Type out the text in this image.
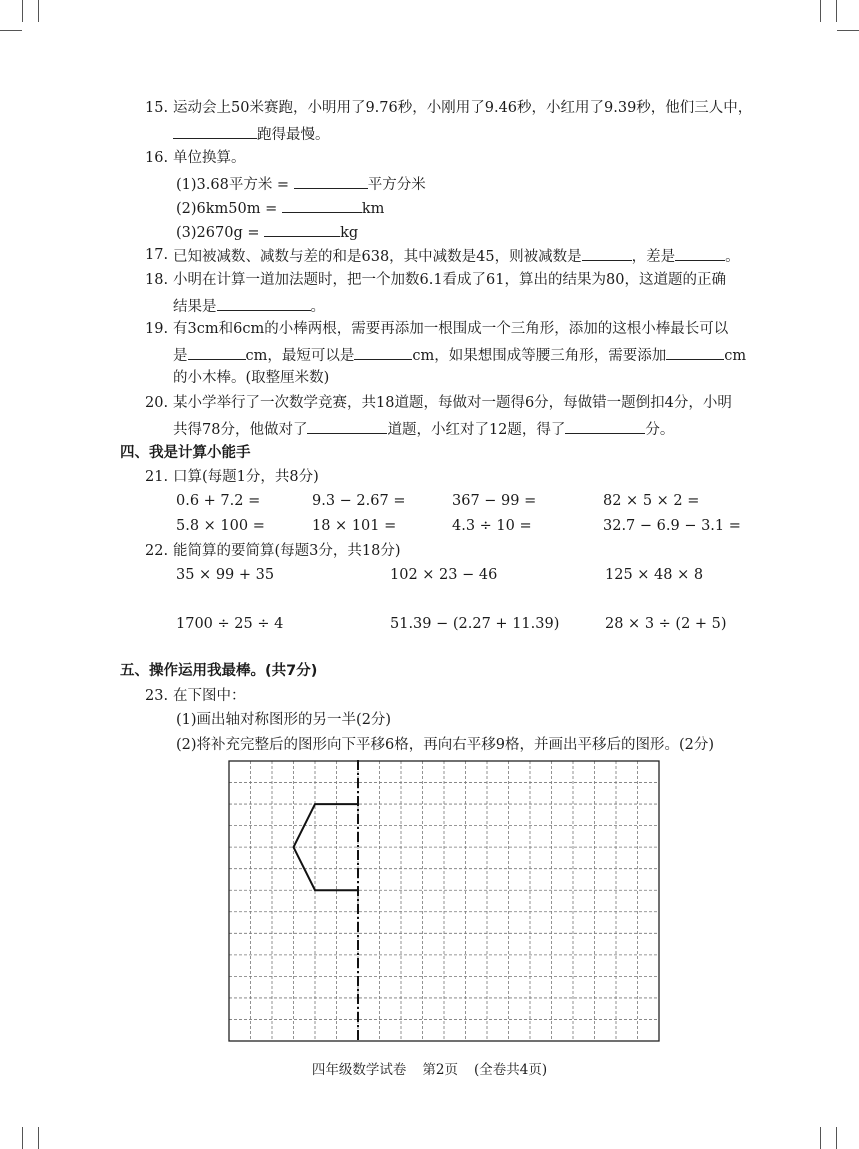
15. 运动会上50米赛跑，小明用了9.76秒，小刚用了9.46秒，小红用了9.39秒，他们三人中，
跑得最慢。
16. 单位换算。
(1)3.68平方米 =	平方分米
(2)6km50m =	km
(3)2670g =	kg
17. 已知被减数、减数与差的和是638，其中减数是45，则被减数是	，差是	。
18. 小明在计算一道加法题时，把一个加数6.1看成了61，算出的结果为80，这道题的正确
结果是	。
19. 有3cm和6cm的小棒两根，需要再添加一根围成一个三角形，添加的这根小棒最长可以
是	cm，最短可以是	cm，如果想围成等腰三角形，需要添加	cm
的小木棒。(取整厘米数)
20. 某小学举行了一次数学竞赛，共18道题，每做对一题得6分，每做错一题倒扣4分，小明
共得78分，他做对了	道题，小红对了12题，得了	分。
四、我是计算小能手
21. 口算(每题1分，共8分)
0.6 + 7.2 =	9.3 − 2.67 =	367 − 99 =	82 × 5 × 2 =
5.8 × 100 =	18 × 101 =	4.3 ÷ 10 =	32.7 − 6.9 − 3.1 =
22. 能简算的要简算(每题3分，共18分)
35 × 99 + 35	102 × 23 − 46	125 × 48 × 8
1700 ÷ 25 ÷ 4	51.39 − (2.27 + 11.39)	28 × 3 ÷ (2 + 5)
五、操作运用我最棒。(共7分)
23. 在下图中：
(1)画出轴对称图形的另一半(2分)
(2)将补充完整后的图形向下平移6格，再向右平移9格，并画出平移后的图形。(2分)
四年级数学试卷 第2页 (全卷共4页)
